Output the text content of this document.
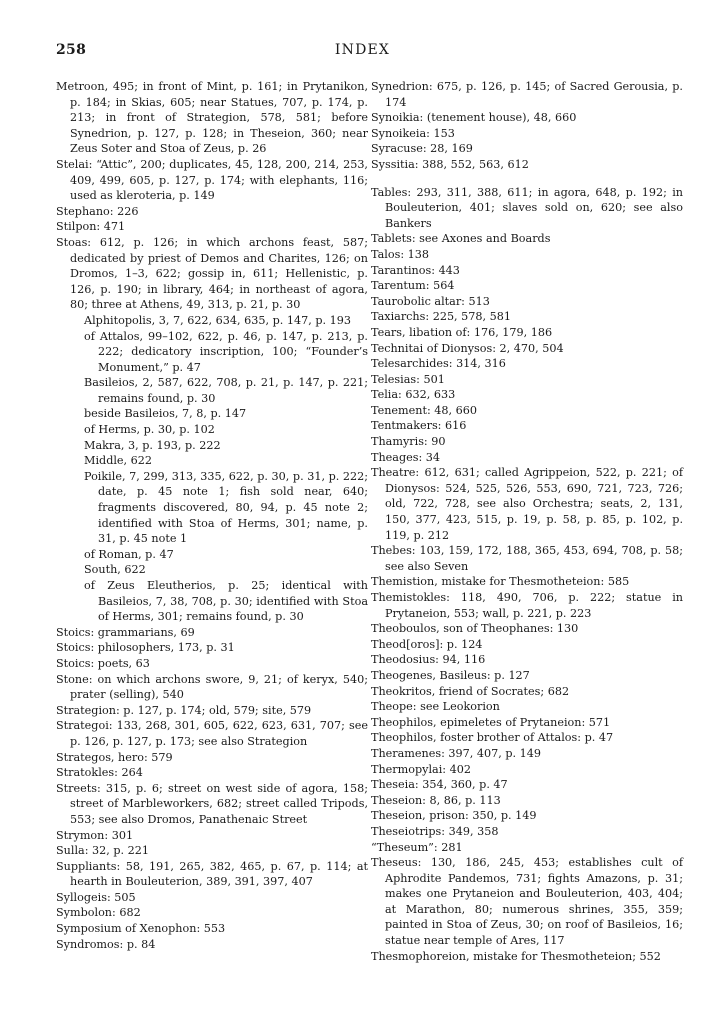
258	INDEX

Metroon, 495; in front of Mint, p. 161; in Prytanikon, p. 184; in Skias, 605; near Statues, 707, p. 174, p. 213; in front of Strategion, 578, 581; before Synedrion, p. 127, p. 128; in Theseion, 360; near Zeus Soter and Stoa of Zeus, p. 26

Stelai: “Attic”, 200; duplicates, 45, 128, 200, 214, 253, 409, 499, 605, p. 127, p. 174; with elephants, 116; used as kleroteria, p. 149

Stephano: 226

Stilpon: 471

Stoas: 612, p. 126; in which archons feast, 587; dedicated by priest of Demos and Charites, 126; on Dromos, 1–3, 622; gossip in, 611; Hellenistic, p. 126, p. 190; in library, 464; in northeast of agora, 80; three at Athens, 49, 313, p. 21, p. 30

Alphitopolis, 3, 7, 622, 634, 635, p. 147, p. 193

of Attalos, 99–102, 622, p. 46, p. 147, p. 213, p. 222; dedicatory inscription, 100; “Founder’s Monument,” p. 47

Basileios, 2, 587, 622, 708, p. 21, p. 147, p. 221; remains found, p. 30

beside Basileios, 7, 8, p. 147

of Herms, p. 30, p. 102

Makra, 3, p. 193, p. 222

Middle, 622

Poikile, 7, 299, 313, 335, 622, p. 30, p. 31, p. 222; date, p. 45 note 1; fish sold near, 640; fragments discovered, 80, 94, p. 45 note 2; identified with Stoa of Herms, 301; name, p. 31, p. 45 note 1

of Roman, p. 47

South, 622

of Zeus Eleutherios, p. 25; identical with Basileios, 7, 38, 708, p. 30; identified with Stoa of Herms, 301; remains found, p. 30

Stoics: grammarians, 69

Stoics: philosophers, 173, p. 31

Stoics: poets, 63

Stone: on which archons swore, 9, 21; of keryx, 540; prater (selling), 540

Strategion: p. 127, p. 174; old, 579; site, 579

Strategoi: 133, 268, 301, 605, 622, 623, 631, 707; see p. 126, p. 127, p. 173; see also Strategion

Strategos, hero: 579

Stratokles: 264

Streets: 315, p. 6; street on west side of agora, 158; street of Marbleworkers, 682; street called Tripods, 553; see also Dromos, Panathenaic Street

Strymon: 301

Sulla: 32, p. 221

Suppliants: 58, 191, 265, 382, 465, p. 67, p. 114; at hearth in Bouleuterion, 389, 391, 397, 407

Syllogeis: 505

Symbolon: 682

Symposium of Xenophon: 553

Syndromos: p. 84

Synedrion: 675, p. 126, p. 145; of Sacred Gerousia, p. 174

Synoikia: (tenement house), 48, 660

Synoikeia: 153

Syracuse: 28, 169

Syssitia: 388, 552, 563, 612

Tables: 293, 311, 388, 611; in agora, 648, p. 192; in Bouleuterion, 401; slaves sold on, 620; see also Bankers

Tablets: see Axones and Boards

Talos: 138

Tarantinos: 443

Tarentum: 564

Taurobolic altar: 513

Taxiarchs: 225, 578, 581

Tears, libation of: 176, 179, 186

Technitai of Dionysos: 2, 470, 504

Telesarchides: 314, 316

Telesias: 501

Telia: 632, 633

Tenement: 48, 660

Tentmakers: 616

Thamyris: 90

Theages: 34

Theatre: 612, 631; called Agrippeion, 522, p. 221; of Dionysos: 524, 525, 526, 553, 690, 721, 723, 726; old, 722, 728, see also Orchestra; seats, 2, 131, 150, 377, 423, 515, p. 19, p. 58, p. 85, p. 102, p. 119, p. 212

Thebes: 103, 159, 172, 188, 365, 453, 694, 708, p. 58; see also Seven

Themistion, mistake for Thesmotheteion: 585

Themistokles: 118, 490, 706, p. 222; statue in Prytaneion, 553; wall, p. 221, p. 223

Theoboulos, son of Theophanes: 130

Theod[oros]: p. 124

Theodosius: 94, 116

Theogenes, Basileus: p. 127

Theokritos, friend of Socrates; 682

Theope: see Leokorion

Theophilos, epimeletes of Prytaneion: 571

Theophilos, foster brother of Attalos: p. 47

Theramenes: 397, 407, p. 149

Thermopylai: 402

Theseia: 354, 360, p. 47

Theseion: 8, 86, p. 113

Theseion, prison: 350, p. 149

Theseiotrips: 349, 358

“Theseum”: 281

Theseus: 130, 186, 245, 453; establishes cult of Aphrodite Pandemos, 731; fights Amazons, p. 31; makes one Prytaneion and Bouleuterion, 403, 404; at Marathon, 80; numerous shrines, 355, 359; painted in Stoa of Zeus, 30; on roof of Basileios, 16; statue near temple of Ares, 117

Thesmophoreion, mistake for Thesmotheteion; 552
